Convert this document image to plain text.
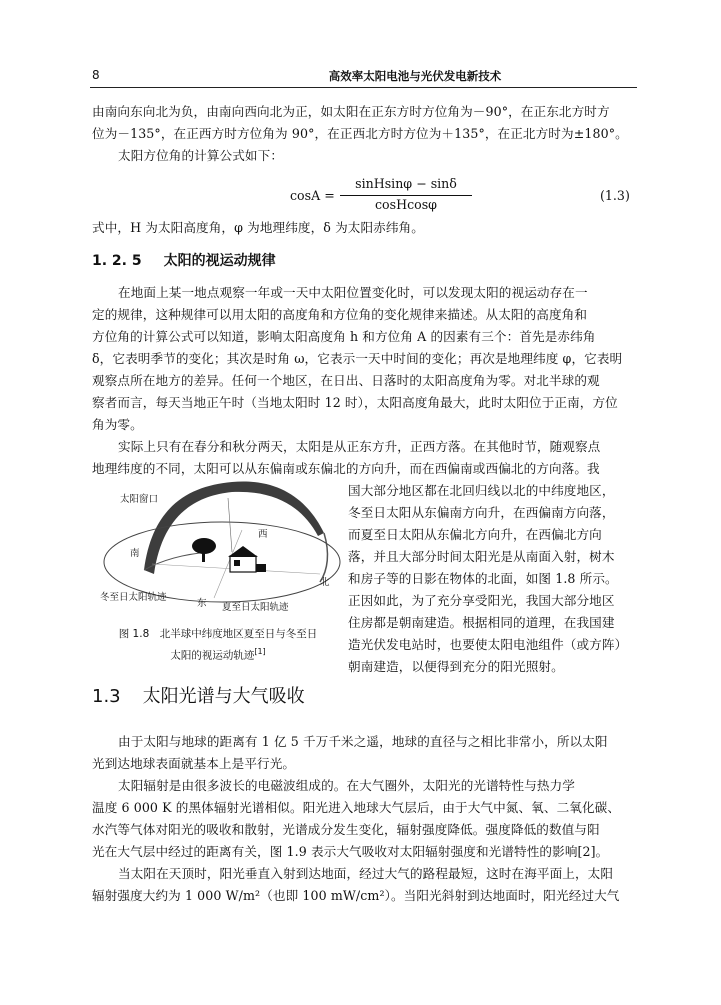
8	高效率太阳电池与光伏发电新技术
由南向东向北为负，由南向西向北为正，如太阳在正东方时方位角为－90°，在正东北方时方
位为－135°，在正西方时方位角为 90°，在正西北方时方位为＋135°，在正北方时为±180°。
太阳方位角的计算公式如下：
cosA =
sinHsinφ − sinδ
cosHcosφ
(1.3)
式中，H 为太阳高度角，φ 为地理纬度，δ 为太阳赤纬角。
1. 2. 5 太阳的视运动规律
在地面上某一地点观察一年或一天中太阳位置变化时，可以发现太阳的视运动存在一
定的规律，这种规律可以用太阳的高度角和方位角的变化规律来描述。从太阳的高度角和
方位角的计算公式可以知道，影响太阳高度角 h 和方位角 A 的因素有三个：首先是赤纬角
δ，它表明季节的变化；其次是时角 ω，它表示一天中时间的变化；再次是地理纬度 φ，它表明
观察点所在地方的差异。任何一个地区，在日出、日落时的太阳高度角为零。对北半球的观
察者而言，每天当地正午时（当地太阳时 12 时），太阳高度角最大，此时太阳位于正南，方位
角为零。
实际上只有在春分和秋分两天，太阳是从正东方升，正西方落。在其他时节，随观察点
地理纬度的不同，太阳可以从东偏南或东偏北的方向升，而在西偏南或西偏北的方向落。我
国大部分地区都在北回归线以北的中纬度地区，
冬至日太阳从东偏南方向升，在西偏南方向落，
而夏至日太阳从东偏北方向升，在西偏北方向
落，并且大部分时间太阳光是从南面入射，树木
和房子等的日影在物体的北面，如图 1.8 所示。
正因如此，为了充分享受阳光，我国大部分地区
住房都是朝南建造。根据相同的道理，在我国建
造光伏发电站时，也要使太阳电池组件（或方阵）
朝南建造，以便得到充分的阳光照射。
太阳窗口
西
南
北
东
冬至日太阳轨迹
夏至日太阳轨迹
图 1.8　北半球中纬度地区夏至日与冬至日
太阳的视运动轨迹[1]
1.3 太阳光谱与大气吸收
由于太阳与地球的距离有 1 亿 5 千万千米之遥，地球的直径与之相比非常小，所以太阳
光到达地球表面就基本上是平行光。
太阳辐射是由很多波长的电磁波组成的。在大气圈外，太阳光的光谱特性与热力学
温度 6 000 K 的黑体辐射光谱相似。阳光进入地球大气层后，由于大气中氮、氧、二氧化碳、
水汽等气体对阳光的吸收和散射，光谱成分发生变化，辐射强度降低。强度降低的数值与阳
光在大气层中经过的距离有关，图 1.9 表示大气吸收对太阳辐射强度和光谱特性的影响[2]。
当太阳在天顶时，阳光垂直入射到达地面，经过大气的路程最短，这时在海平面上，太阳
辐射强度大约为 1 000 W/m²（也即 100 mW/cm²）。当阳光斜射到达地面时，阳光经过大气
